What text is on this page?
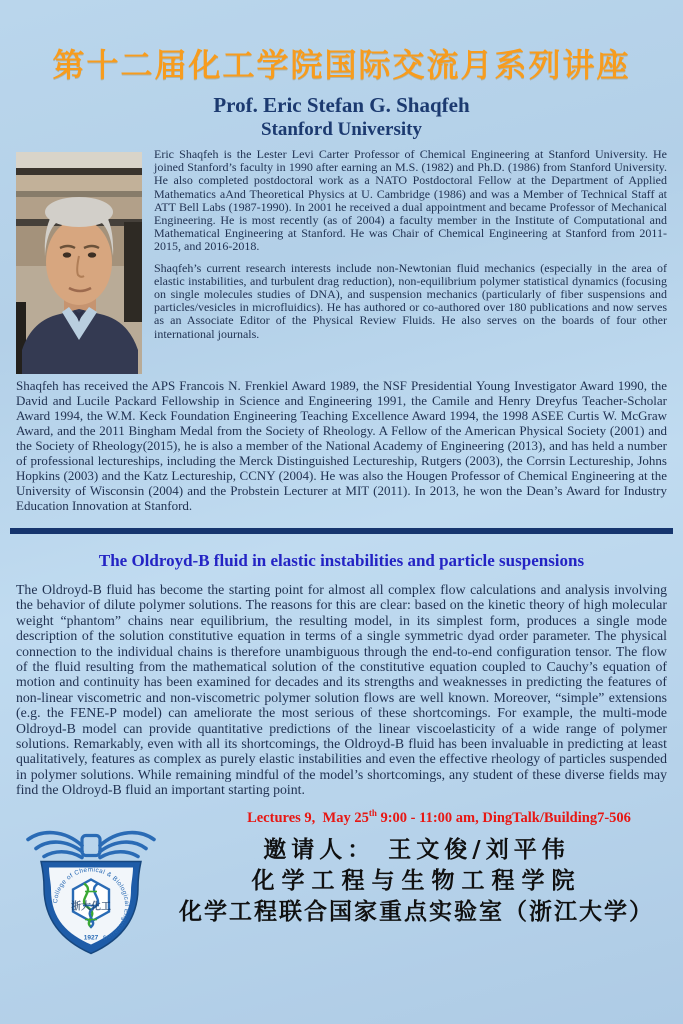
第十二届化工学院国际交流月系列讲座
Prof. Eric Stefan G. Shaqfeh
Stanford University

Eric Shaqfeh is the Lester Levi Carter Professor of Chemical Engineering at Stanford University. He joined Stanford’s faculty in 1990 after earning an M.S. (1982) and Ph.D. (1986) from Stanford University. He also completed postdoctoral work as a NATO Postdoctoral Fellow at the Department of Applied Mathematics aAnd Theoretical Physics at U. Cambridge (1986) and was a Member of Technical Staff at ATT Bell Labs (1987-1990). In 2001 he received a dual appointment and became Professor of Mechanical Engineering. He is most recently (as of 2004) a faculty member in the Institute of Computational and Mathematical Engineering at Stanford. He was Chair of Chemical Engineering at Stanford from 2011-2015, and 2016-2018.

Shaqfeh’s current research interests include non-Newtonian fluid mechanics (especially in the area of elastic instabilities, and turbulent drag reduction), non-equilibrium polymer statistical dynamics (focusing on single molecules studies of DNA), and suspension mechanics (particularly of fiber suspensions and particles/vesicles in microfluidics). He has authored or co-authored over 180 publications and now serves as an Associate Editor of the Physical Review Fluids. He also serves on the boards of four other international journals.

Shaqfeh has received the APS Francois N. Frenkiel Award 1989, the NSF Presidential Young Investigator Award 1990, the David and Lucile Packard Fellowship in Science and Engineering 1991, the Camile and Henry Dreyfus Teacher-Scholar Award 1994, the W.M. Keck Foundation Engineering Teaching Excellence Award 1994, the 1998 ASEE Curtis W. McGraw Award, and the 2011 Bingham Medal from the Society of Rheology. A Fellow of the American Physical Society (2001) and the Society of Rheology(2015), he is also a member of the National Academy of Engineering (2013), and has held a number of professional lectureships, including the Merck Distinguished Lectureship, Rutgers (2003), the Corrsin Lectureship, Johns Hopkins (2003) and the Katz Lectureship, CCNY (2004). He was also the Hougen Professor of Chemical Engineering at the University of Wisconsin (2004) and the Probstein Lecturer at MIT (2011). In 2013, he won the Dean’s Award for Industry Education Innovation at Stanford.

The Oldroyd-B fluid in elastic instabilities and particle suspensions

The Oldroyd-B fluid has become the starting point for almost all complex flow calculations and analysis involving the behavior of dilute polymer solutions. The reasons for this are clear: based on the kinetic theory of high molecular weight “phantom” chains near equilibrium, the resulting model, in its simplest form, produces a single mode description of the solution constitutive equation in terms of a single symmetric dyad order parameter. The physical connection to the individual chains is therefore unambiguous through the end-to-end configuration tensor. The flow of the fluid resulting from the mathematical solution of the constitutive equation coupled to Cauchy’s equation of motion and continuity has been examined for decades and its strengths and weaknesses in predicting the features of non-linear viscometric and non-viscometric polymer solution flows are well known. Moreover, “simple” extensions (e.g. the FENE-P model) can ameliorate the most serious of these shortcomings. For example, the multi-mode Oldroyd-B model can provide quantitative predictions of the linear viscoelasticity of a wide range of polymer solutions. Remarkably, even with all its shortcomings, the Oldroyd-B fluid has been invaluable in predicting at least qualitatively, features as complex as purely elastic instabilities and even the effective rheology of particles suspended in polymer solutions. While remaining mindful of the model’s shortcomings, any student of these diverse fields may find the Oldroyd-B fluid an important starting point.

College of Chemical & Biological Engineering
浙大化工
1927
Lectures 9,  May 25th 9:00 - 11:00 am, DingTalk/Building7-506
邀请人： 王文俊/刘平伟
化学工程与生物工程学院
化学工程联合国家重点实验室（浙江大学）
